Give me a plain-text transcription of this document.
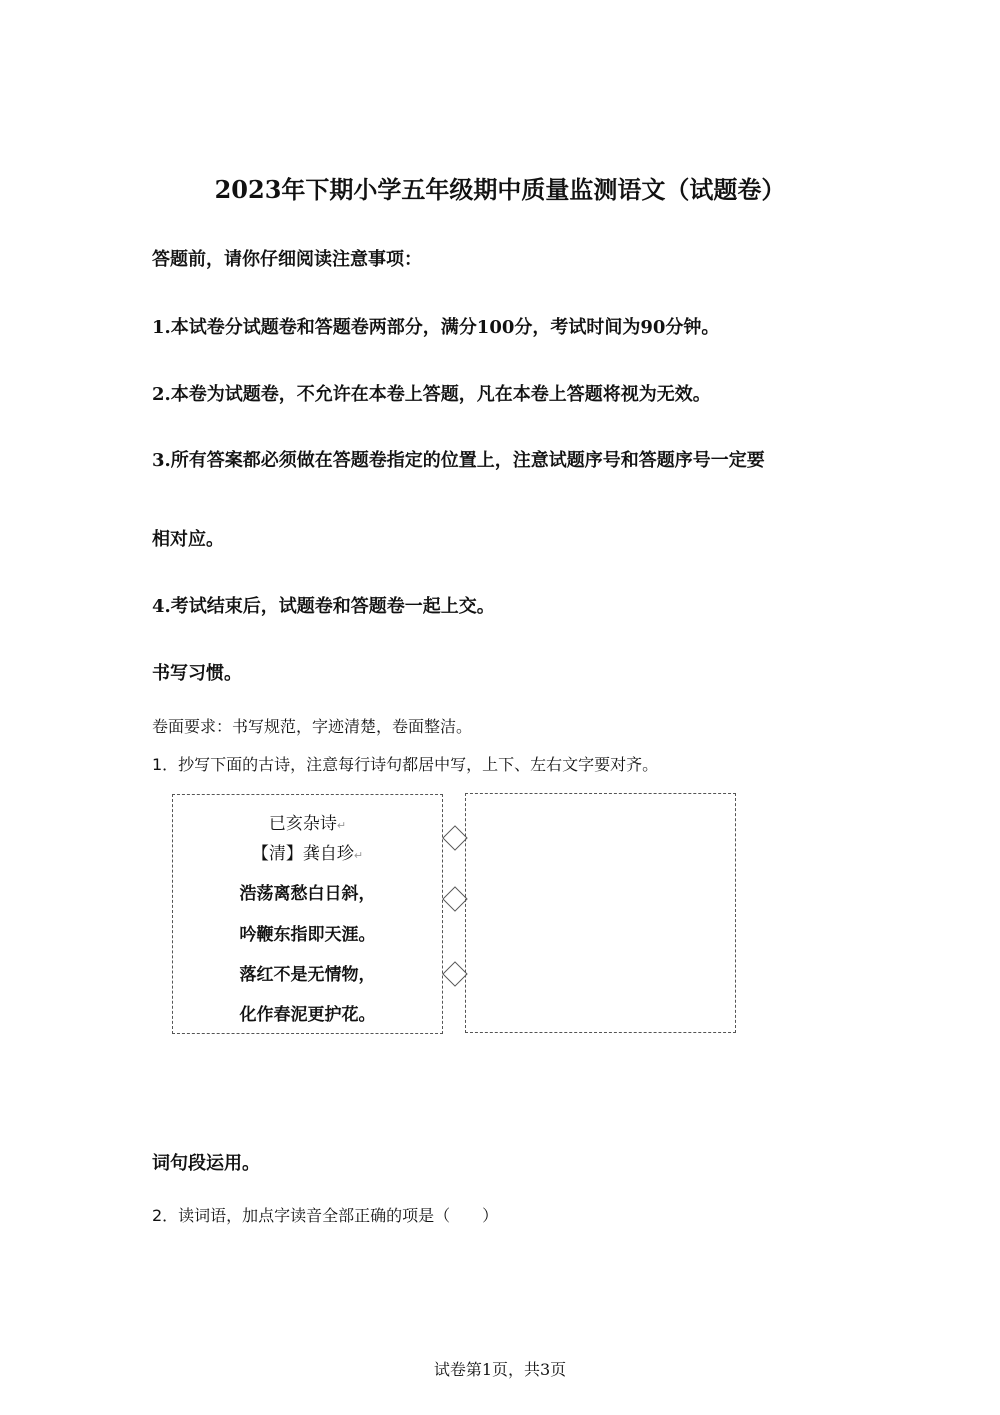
2023年下期小学五年级期中质量监测语文（试题卷）
答题前，请你仔细阅读注意事项：
1.本试卷分试题卷和答题卷两部分，满分100分，考试时间为90分钟。
2.本卷为试题卷，不允许在本卷上答题，凡在本卷上答题将视为无效。
3.所有答案都必须做在答题卷指定的位置上，注意试题序号和答题序号一定要
相对应。
4.考试结束后，试题卷和答题卷一起上交。
书写习惯。
卷面要求：书写规范，字迹清楚，卷面整洁。
1．抄写下面的古诗，注意每行诗句都居中写，上下、左右文字要对齐。
已亥杂诗↵
【清】龚自珍↵
浩荡离愁白日斜，
吟鞭东指即天涯。
落红不是无情物，
化作春泥更护花。
词句段运用。
2．读词语，加点字读音全部正确的项是（　　）
试卷第1页，共3页
